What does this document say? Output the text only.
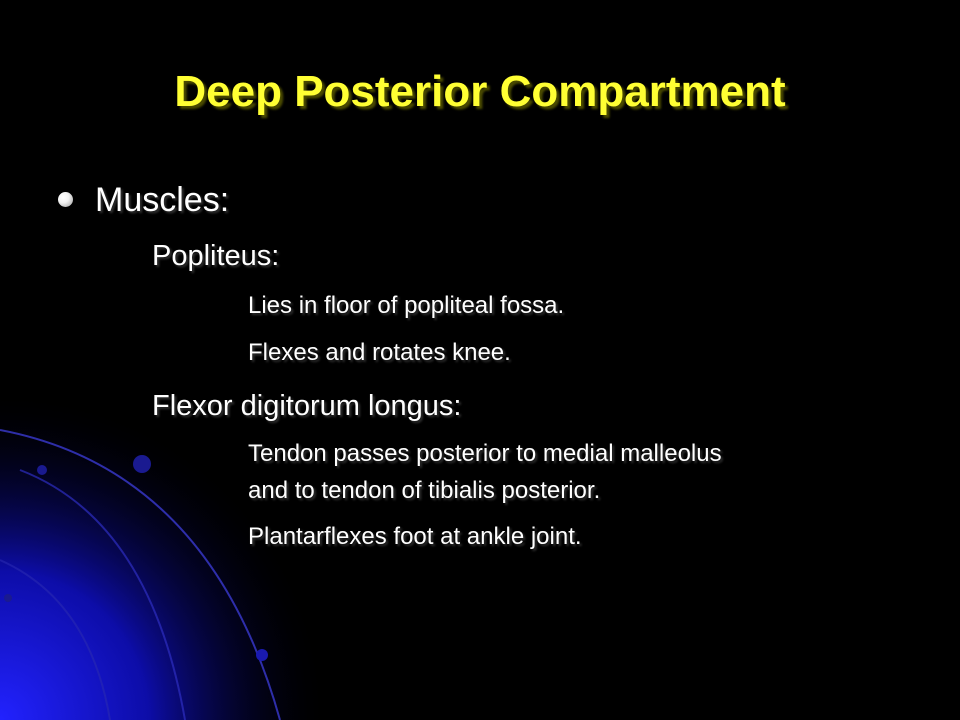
Deep Posterior Compartment
Muscles:
Popliteus:
Lies in floor of popliteal fossa.
Flexes and rotates knee.
Flexor digitorum longus:
Tendon passes posterior to medial malleolus
and to tendon of tibialis posterior.
Plantarflexes foot at ankle joint.
